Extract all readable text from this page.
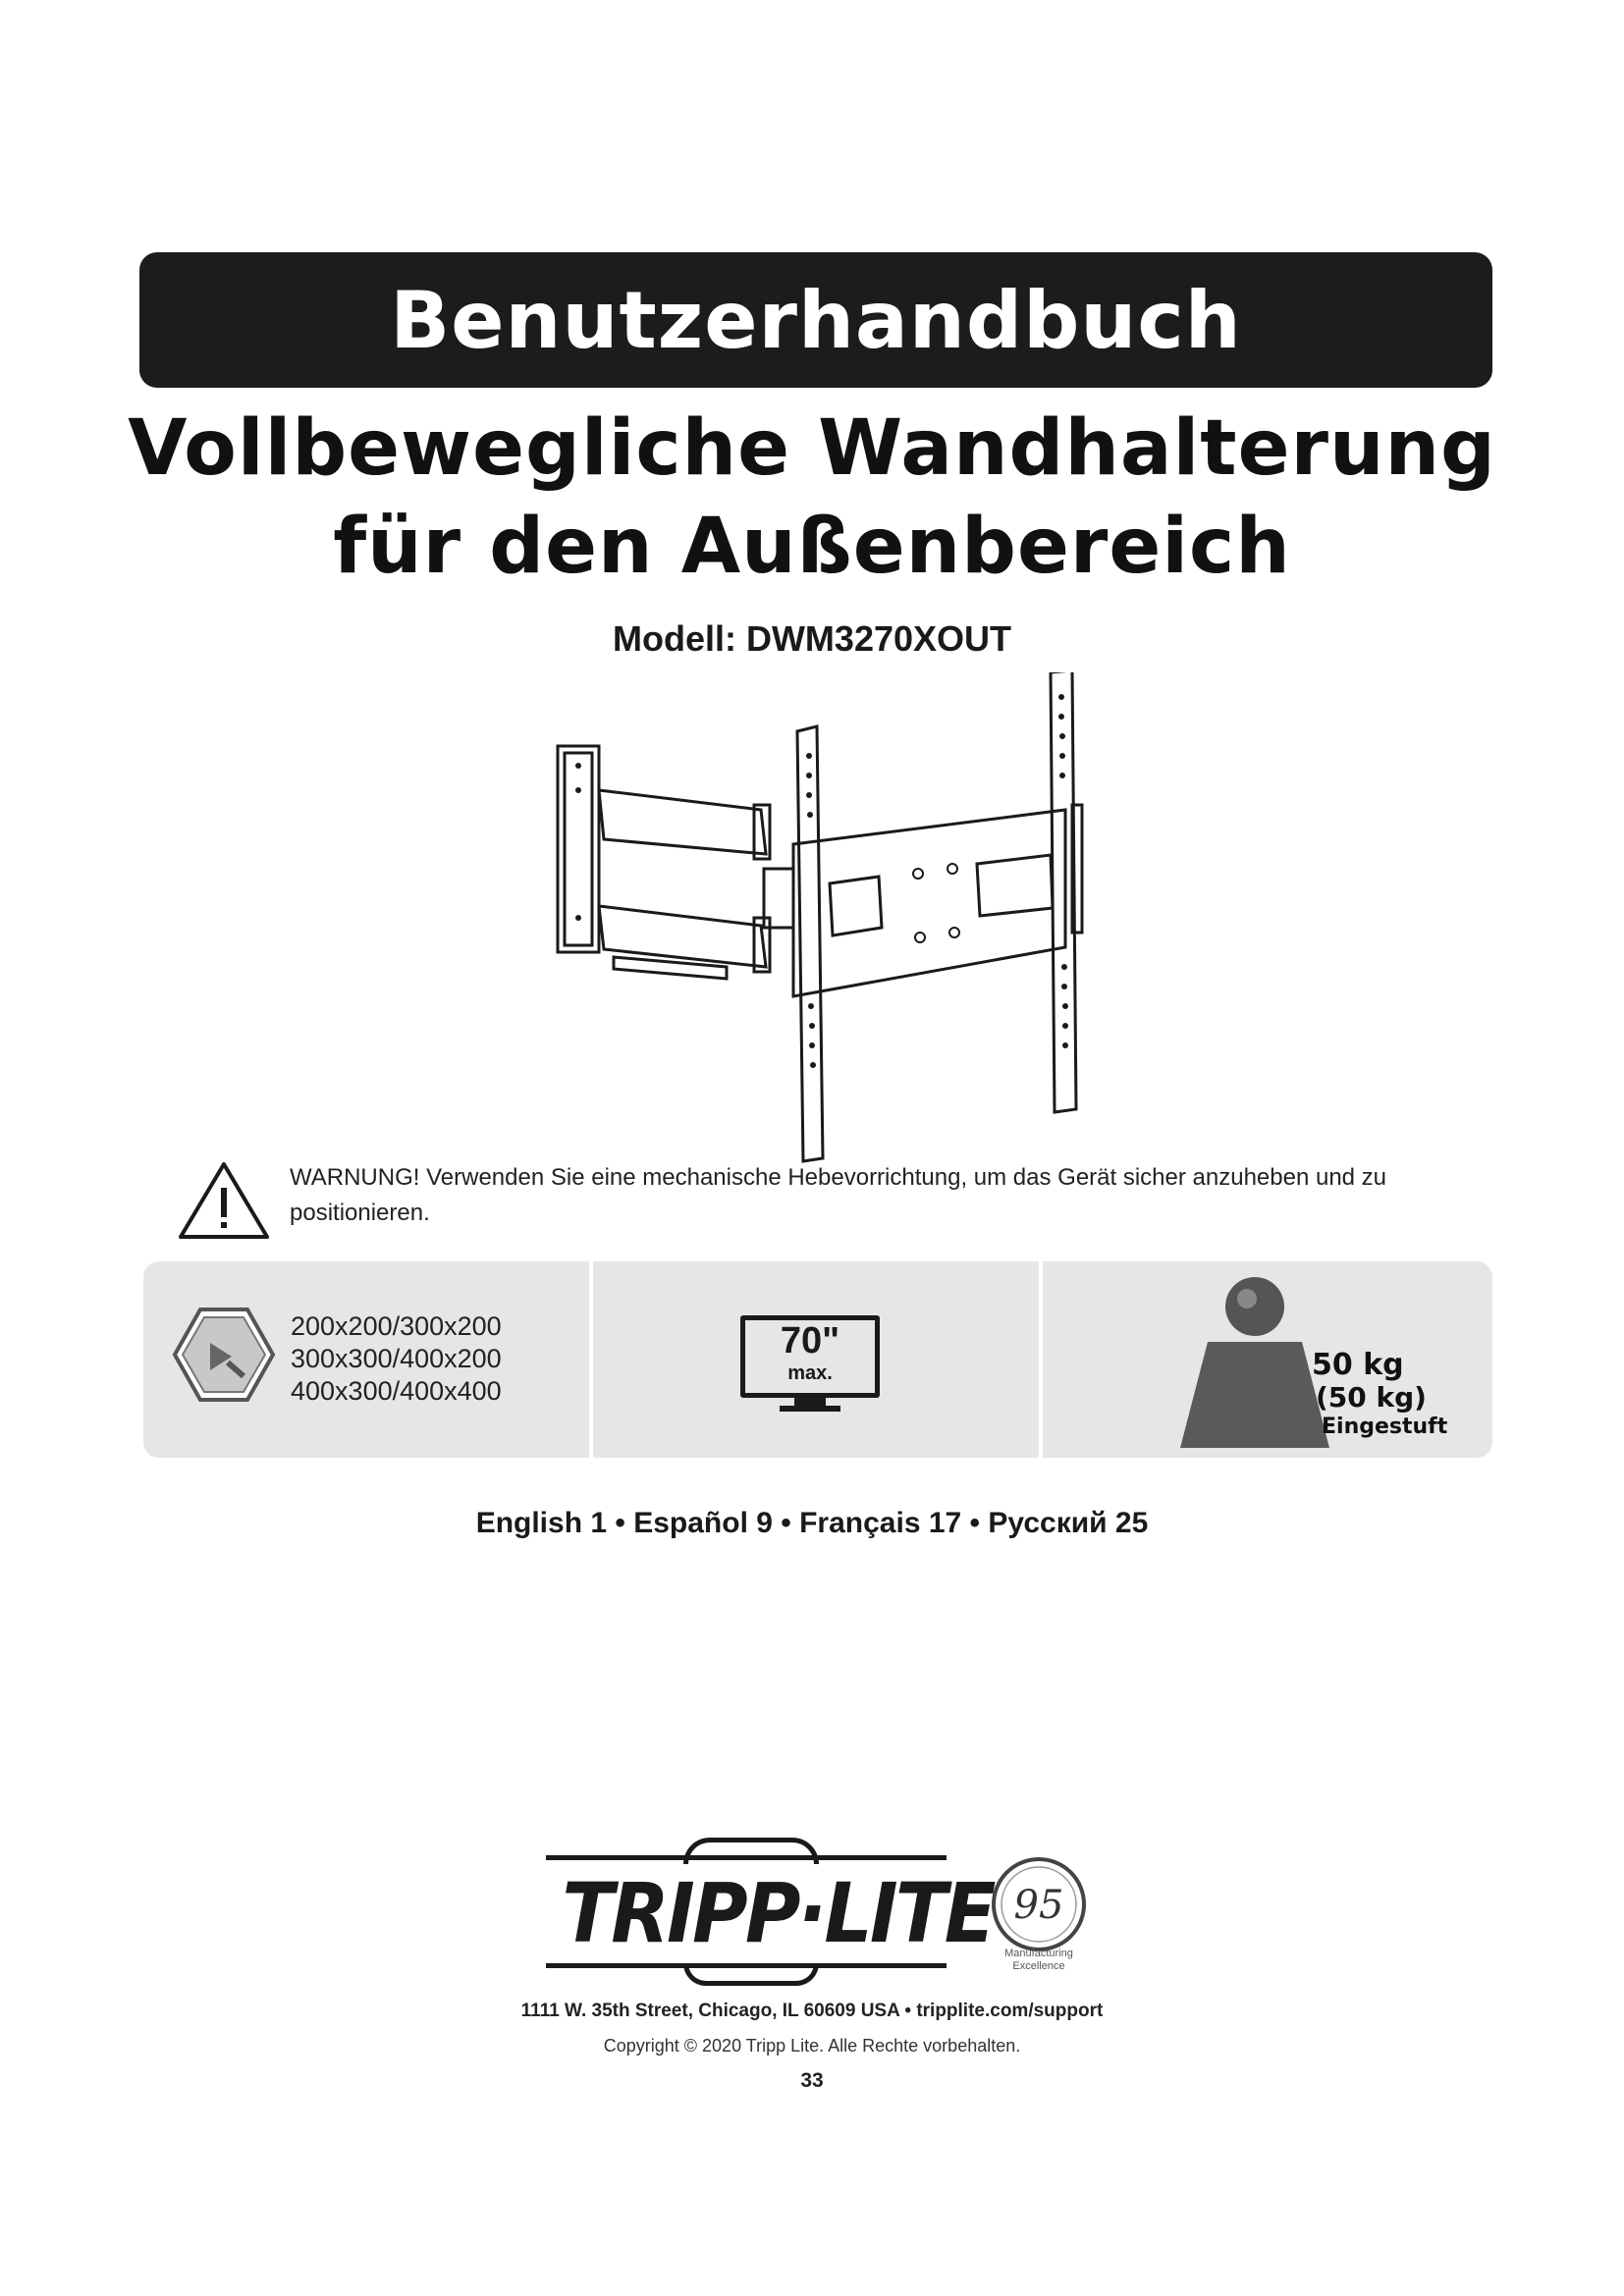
Benutzerhandbuch
Vollbewegliche Wandhalterung
für den Außenbereich
Modell: DWM3270XOUT
WARNUNG! Verwenden Sie eine mechanische Hebevorrichtung, um das Gerät sicher anzuheben und zu positionieren.
200x200/300x200
300x300/400x200
400x300/400x400
70"
max.	50 kg
(50 kg)
Eingestuft
English 1 • Español 9 • Français 17 • Русский 25
TRIPP·LITE 95
Manufacturing
Excellence
1111 W. 35th Street, Chicago, IL 60609 USA • tripplite.com/support
Copyright © 2020 Tripp Lite. Alle Rechte vorbehalten.
33
